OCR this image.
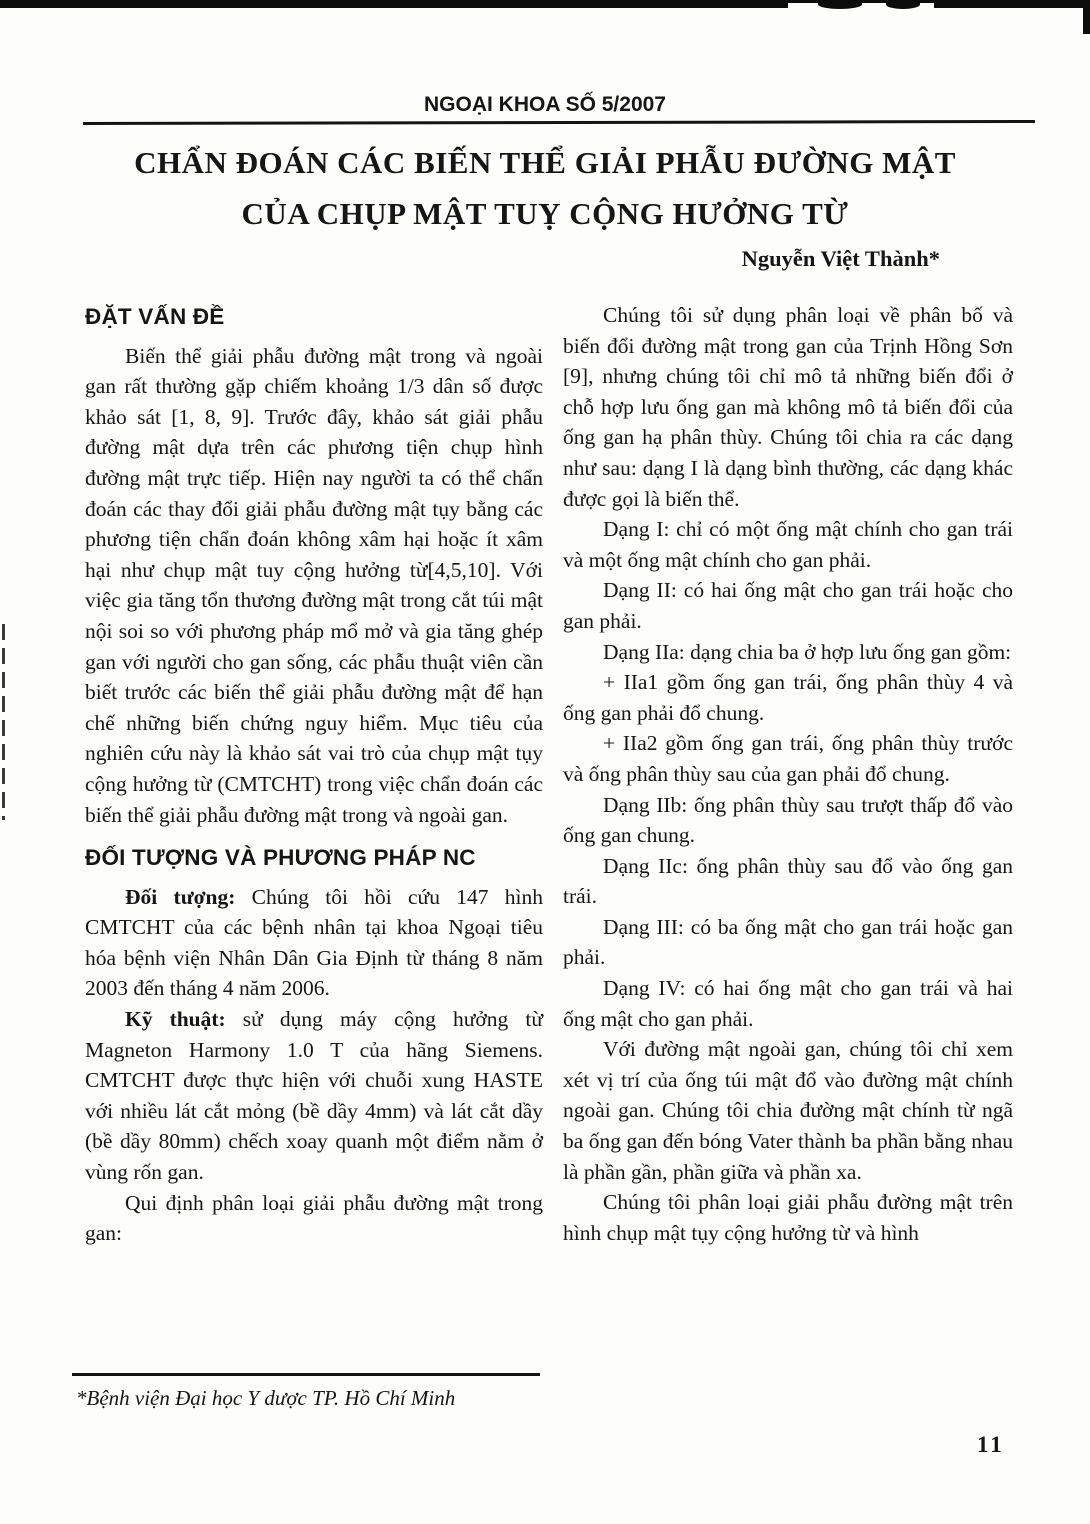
NGOẠI KHOA SỐ 5/2007
CHẨN ĐOÁN CÁC BIẾN THỂ GIẢI PHẪU ĐƯỜNG MẬT
CỦA CHỤP MẬT TUỴ CỘNG HƯỞNG TỪ
Nguyễn Việt Thành*
ĐẶT VẤN ĐỀ

Biến thể giải phẫu đường mật trong và ngoài gan rất thường gặp chiếm khoảng 1/3 dân số được khảo sát [1, 8, 9]. Trước đây, khảo sát giải phẫu đường mật dựa trên các phương tiện chụp hình đường mật trực tiếp. Hiện nay người ta có thể chẩn đoán các thay đổi giải phẫu đường mật tụy bằng các phương tiện chẩn đoán không xâm hại hoặc ít xâm hại như chụp mật tuy cộng hưởng từ[4,5,10]. Với việc gia tăng tổn thương đường mật trong cắt túi mật nội soi so với phương pháp mổ mở và gia tăng ghép gan với người cho gan sống, các phẫu thuật viên cần biết trước các biến thể giải phẫu đường mật để hạn chế những biến chứng nguy hiểm. Mục tiêu của nghiên cứu này là khảo sát vai trò của chụp mật tụy cộng hưởng từ (CMTCHT) trong việc chẩn đoán các biến thể giải phẫu đường mật trong và ngoài gan.

ĐỐI TƯỢNG VÀ PHƯƠNG PHÁP NC

Đối tượng: Chúng tôi hồi cứu 147 hình CMTCHT của các bệnh nhân tại khoa Ngoại tiêu hóa bệnh viện Nhân Dân Gia Định từ tháng 8 năm 2003 đến tháng 4 năm 2006.

Kỹ thuật: sử dụng máy cộng hưởng từ Magneton Harmony 1.0 T của hãng Siemens. CMTCHT được thực hiện với chuỗi xung HASTE với nhiều lát cắt mỏng (bề dầy 4mm) và lát cắt dầy (bề dầy 80mm) chếch xoay quanh một điểm nằm ở vùng rốn gan.

Qui định phân loại giải phẫu đường mật trong gan:

Chúng tôi sử dụng phân loại về phân bố và biến đổi đường mật trong gan của Trịnh Hồng Sơn [9], nhưng chúng tôi chỉ mô tả những biến đổi ở chỗ hợp lưu ống gan mà không mô tả biến đổi của ống gan hạ phân thùy. Chúng tôi chia ra các dạng như sau: dạng I là dạng bình thường, các dạng khác được gọi là biến thể.

Dạng I: chỉ có một ống mật chính cho gan trái và một ống mật chính cho gan phải.

Dạng II: có hai ống mật cho gan trái hoặc cho gan phải.

Dạng IIa: dạng chia ba ở hợp lưu ống gan gồm:

+ IIa1 gồm ống gan trái, ống phân thùy 4 và ống gan phải đổ chung.

+ IIa2 gồm ống gan trái, ống phân thùy trước và ống phân thùy sau của gan phải đổ chung.

Dạng IIb: ống phân thùy sau trượt thấp đổ vào ống gan chung.

Dạng IIc: ống phân thùy sau đổ vào ống gan trái.

Dạng III: có ba ống mật cho gan trái hoặc gan phải.

Dạng IV: có hai ống mật cho gan trái và hai ống mật cho gan phải.

Với đường mật ngoài gan, chúng tôi chỉ xem xét vị trí của ống túi mật đổ vào đường mật chính ngoài gan. Chúng tôi chia đường mật chính từ ngã ba ống gan đến bóng Vater thành ba phần bằng nhau là phần gần, phần giữa và phần xa.

Chúng tôi phân loại giải phẫu đường mật trên hình chụp mật tụy cộng hưởng từ và hình

*Bệnh viện Đại học Y dược TP. Hồ Chí Minh
11
